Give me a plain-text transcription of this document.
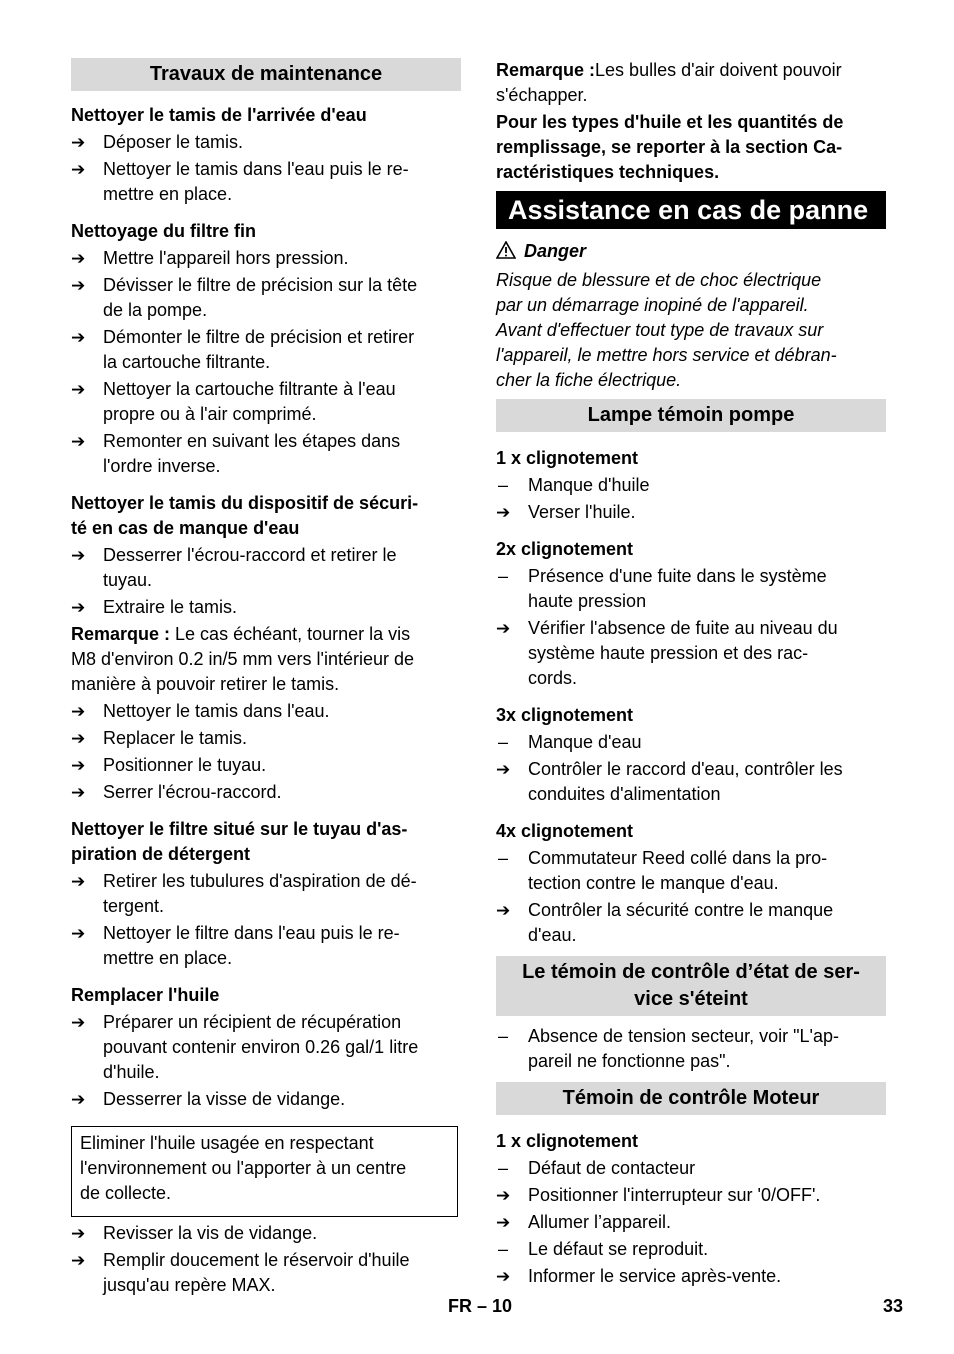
Travaux de maintenance
Nettoyer le tamis de l'arrivée d'eau
➔ Déposer le tamis.
➔ Nettoyer le tamis dans l'eau puis le re-
mettre en place.
Nettoyage du filtre fin
➔ Mettre l'appareil hors pression.
➔ Dévisser le filtre de précision sur la tête
de la pompe.
➔ Démonter le filtre de précision et retirer
la cartouche filtrante.
➔ Nettoyer la cartouche filtrante à l'eau
propre ou à l'air comprimé.
➔ Remonter en suivant les étapes dans
l'ordre inverse.
Nettoyer le tamis du dispositif de sécuri-
té en cas de manque d'eau
➔ Desserrer l'écrou-raccord et retirer le
tuyau.
➔ Extraire le tamis.
Remarque : Le cas échéant, tourner la vis
M8 d'environ 0.2 in/5 mm vers l'intérieur de
manière à pouvoir retirer le tamis.
➔ Nettoyer le tamis dans l'eau.
➔ Replacer le tamis.
➔ Positionner le tuyau.
➔ Serrer l'écrou-raccord.
Nettoyer le filtre situé sur le tuyau d'as-
piration de détergent
➔ Retirer les tubulures d'aspiration de dé-
tergent.
➔ Nettoyer le filtre dans l'eau puis le re-
mettre en place.
Remplacer l'huile
➔ Préparer un récipient de récupération
pouvant contenir environ 0.26 gal/1 litre
d'huile.
➔ Desserrer la visse de vidange.
Eliminer l'huile usagée en respectant
l'environnement ou l'apporter à un centre
de collecte.
➔ Revisser la vis de vidange.
➔ Remplir doucement le réservoir d'huile
jusqu'au repère MAX.
Remarque :Les bulles d'air doivent pouvoir
s'échapper.
Pour les types d'huile et les quantités de
remplissage, se reporter à la section Ca-
ractéristiques techniques.
Assistance en cas de panne
Danger
Risque de blessure et de choc électrique
par un démarrage inopiné de l'appareil.
Avant d'effectuer tout type de travaux sur
l'appareil, le mettre hors service et débran-
cher la fiche électrique.
Lampe témoin pompe
1 x clignotement
–	Manque d'huile
➔ Verser l'huile.
2x clignotement
–	Présence d'une fuite dans le système
haute pression
➔ Vérifier l'absence de fuite au niveau du
système haute pression et des rac-
cords.
3x clignotement
–	Manque d'eau
➔ Contrôler le raccord d'eau, contrôler les
conduites d'alimentation
4x clignotement
–	Commutateur Reed collé dans la pro-
tection contre le manque d'eau.
➔ Contrôler la sécurité contre le manque
d'eau.
Le témoin de contrôle d’état de ser-
vice s'éteint
–	Absence de tension secteur, voir "L'ap-
pareil ne fonctionne pas".
Témoin de contrôle Moteur
1 x clignotement
–	Défaut de contacteur
➔ Positionner l'interrupteur sur '0/OFF'.
➔ Allumer l’appareil.
–	Le défaut se reproduit.
➔ Informer le service après-vente.
FR – 10	33
